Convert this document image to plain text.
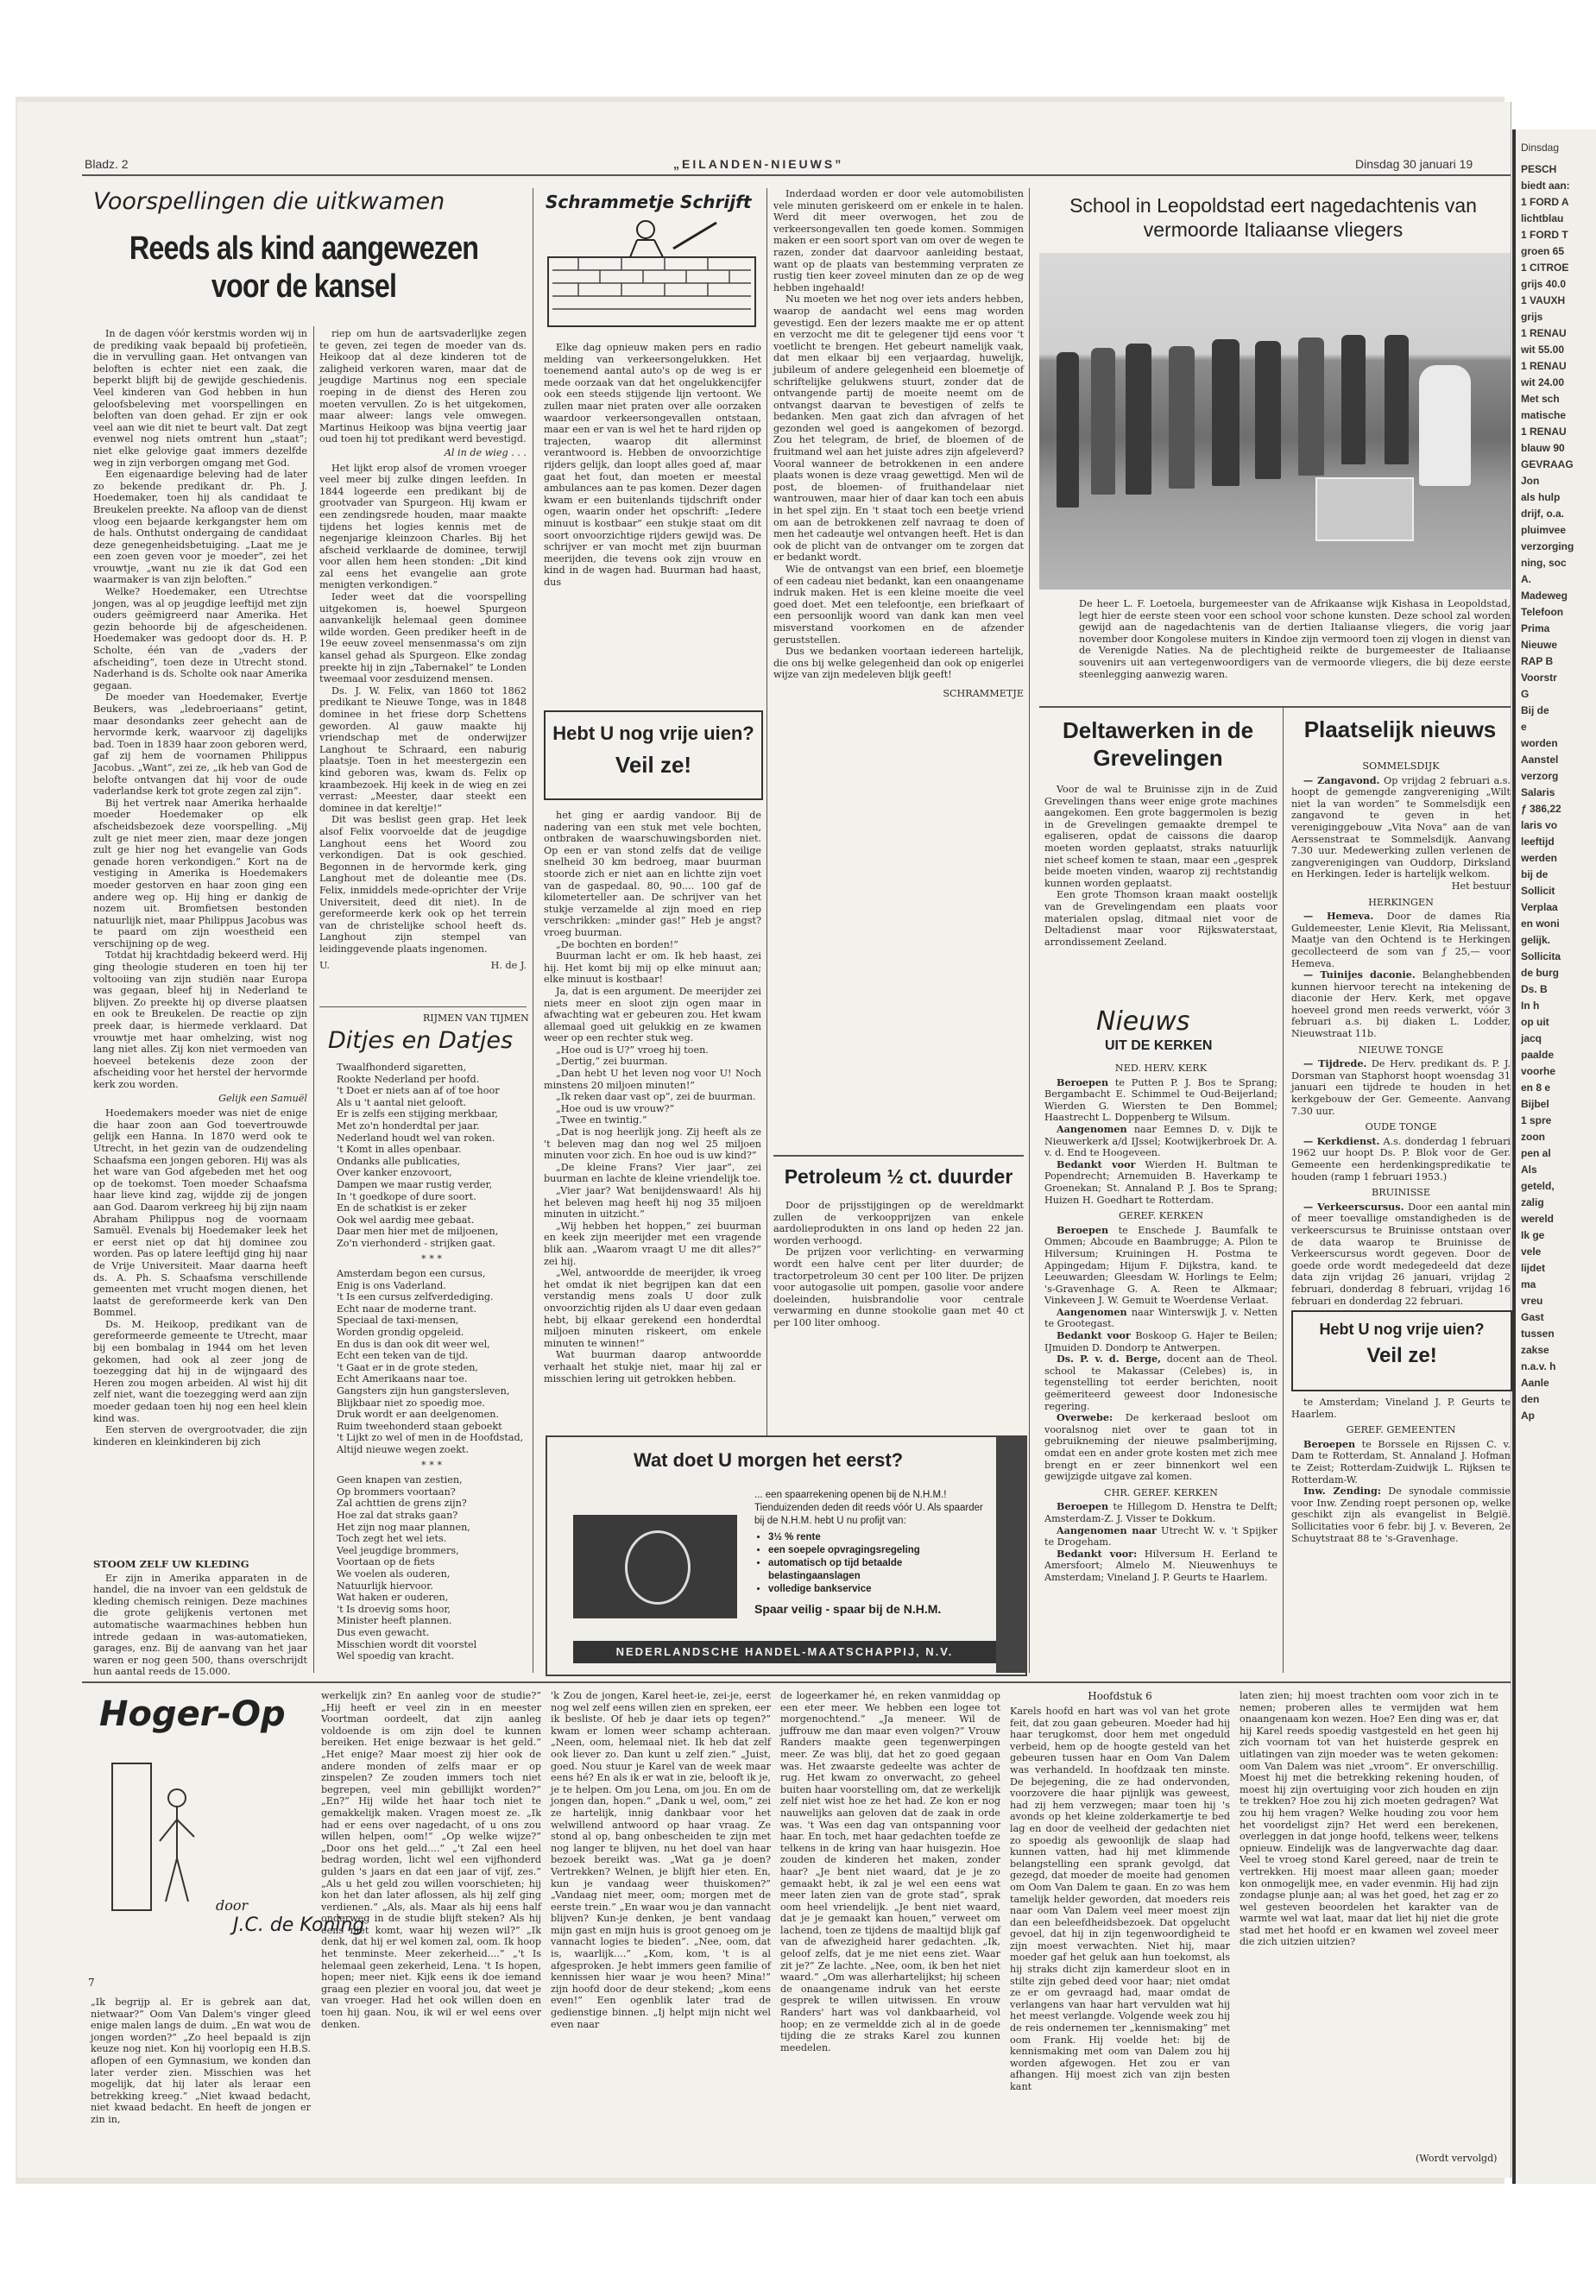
Bladz. 2	„EILANDEN-NIEUWS”	Dinsdag 30 januari 19
Voorspellingen die uitkwamen
Reeds als kind aangewezen
voor de kansel

In de dagen vóór kerstmis worden wij in de prediking vaak bepaald bij profetieën, die in vervulling gaan. Het ontvangen van beloften is echter niet een zaak, die beperkt blijft bij de gewijde geschiedenis. Veel kinderen van God hebben in hun geloofsbeleving met voorspellingen en beloften van doen gehad. Er zijn er ook veel aan wie dit niet te beurt valt. Dat zegt evenwel nog niets omtrent hun „staat”; niet elke gelovige gaat immers dezelfde weg in zijn verborgen omgang met God.

Een eigenaardige beleving had de later zo bekende predikant dr. Ph. J. Hoedemaker, toen hij als candidaat te Breukelen preekte. Na afloop van de dienst vloog een bejaarde kerkgangster hem om de hals. Onthutst ondergaing de candidaat deze genegenheidsbetuiging. „Laat me je een zoen geven voor je moeder”, zei het vrouwtje, „want nu zie ik dat God een waarmaker is van zijn beloften.”

Welke? Hoedemaker, een Utrechtse jongen, was al op jeugdige leeftijd met zijn ouders geëmigreerd naar Amerika. Het gezin behoorde bij de afgescheidenen. Hoedemaker was gedoopt door ds. H. P. Scholte, één van de „vaders der afscheiding”, toen deze in Utrecht stond. Naderhand is ds. Scholte ook naar Amerika gegaan.

De moeder van Hoedemaker, Evertje Beukers, was „ledebroeriaans” getint, maar desondanks zeer gehecht aan de hervormde kerk, waarvoor zij dagelijks bad. Toen in 1839 haar zoon geboren werd, gaf zij hem de voornamen Philippus Jacobus. „Want”, zei ze, „ik heb van God de belofte ontvangen dat hij voor de oude vaderlandse kerk tot grote zegen zal zijn”.

Bij het vertrek naar Amerika herhaalde moeder Hoedemaker op elk afscheidsbezoek deze voorspelling. „Mij zult ge niet meer zien, maar deze jongen zult ge hier nog het evangelie van Gods genade horen verkondigen.” Kort na de vestiging in Amerika is Hoedemakers moeder gestorven en haar zoon ging een andere weg op. Hij hing er dankig de nozem uit. Bromfietsen bestonden natuurlijk niet, maar Philippus Jacobus was te paard om zijn woestheid een verschijning op de weg.

Totdat hij krachtdadig bekeerd werd. Hij ging theologie studeren en toen hij ter voltooiing van zijn studiën naar Europa was gegaan, bleef hij in Nederland te blijven. Zo preekte hij op diverse plaatsen en ook te Breukelen. De reactie op zijn preek daar, is hiermede verklaard. Dat vrouwtje met haar omhelzing, wist nog lang niet alles. Zij kon niet vermoeden van hoeveel betekenis deze zoon der afscheiding voor het herstel der hervormde kerk zou worden.

Gelijk een Samuël

Hoedemakers moeder was niet de enige die haar zoon aan God toevertrouwde gelijk een Hanna. In 1870 werd ook te Utrecht, in het gezin van de oudzendeling Schaafsma een jongen geboren. Hij was als het ware van God afgebeden met het oog op de toekomst. Toen moeder Schaafsma haar lieve kind zag, wijdde zij de jongen aan God. Daarom verkreeg hij bij zijn naam Abraham Philippus nog de voornaam Samuël. Evenals bij Hoedemaker leek het er eerst niet op dat hij dominee zou worden. Pas op latere leeftijd ging hij naar de Vrije Universiteit. Maar daarna heeft ds. A. Ph. S. Schaafsma verschillende gemeenten met vrucht mogen dienen, het laatst de gereformeerde kerk van Den Bommel.

Ds. M. Heikoop, predikant van de gereformeerde gemeente te Utrecht, maar bij een bombalag in 1944 om het leven gekomen, had ook al zeer jong de toezegging dat hij in de wijngaard des Heren zou mogen arbeiden. Al wist hij dit zelf niet, want die toezegging werd aan zijn moeder gedaan toen hij nog een heel klein kind was.

Een sterven de overgrootvader, die zijn kinderen en kleinkinderen bij zich

riep om hun de aartsvaderlijke zegen te geven, zei tegen de moeder van ds. Heikoop dat al deze kinderen tot de zaligheid verkoren waren, maar dat de jeugdige Martinus nog een speciale roeping in de dienst des Heren zou moeten vervullen. Zo is het uitgekomen, maar alweer: langs vele omwegen. Martinus Heikoop was bijna veertig jaar oud toen hij tot predikant werd bevestigd.

Al in de wieg . . .

Het lijkt erop alsof de vromen vroeger veel meer bij zulke dingen leefden. In 1844 logeerde een predikant bij de grootvader van Spurgeon. Hij kwam er een zendingsrede houden, maar maakte tijdens het logies kennis met de negenjarige kleinzoon Charles. Bij het afscheid verklaarde de dominee, terwijl voor allen hem heen stonden: „Dit kind zal eens het evangelie aan grote menigten verkondigen.”

Ieder weet dat die voorspelling uitgekomen is, hoewel Spurgeon aanvankelijk helemaal geen dominee wilde worden. Geen prediker heeft in de 19e eeuw zoveel mensenmassa's om zijn kansel gehad als Spurgeon. Elke zondag preekte hij in zijn „Tabernakel” te Londen tweemaal voor zesduizend mensen.

Ds. J. W. Felix, van 1860 tot 1862 predikant te Nieuwe Tonge, was in 1848 dominee in het friese dorp Schettens geworden. Al gauw maakte hij vriendschap met de onderwijzer Langhout te Schraard, een naburig plaatsje. Toen in het meestergezin een kind geboren was, kwam ds. Felix op kraambezoek. Hij keek in de wieg en zei verrast: „Meester, daar steekt een dominee in dat kereltje!”

Dit was beslist geen grap. Het leek alsof Felix voorvoelde dat de jeugdige Langhout eens het Woord zou verkondigen. Dat is ook geschied. Begonnen in de hervormde kerk, ging Langhout met de doleantie mee (Ds. Felix, inmiddels mede-oprichter der Vrije Universiteit, deed dit niet). In de gereformeerde kerk ook op het terrein van de christelijke school heeft ds. Langhout zijn stempel van leidinggevende plaats ingenomen.

U.	H. de J.
STOOM ZELF UW KLEDING

Er zijn in Amerika apparaten in de handel, die na invoer van een geldstuk de kleding chemisch reinigen. Deze machines die grote gelijkenis vertonen met automatische waarmachines hebben hun intrede gedaan in was-automatieken, garages, enz. Bij de aanvang van het jaar waren er nog geen 500, thans overschrijdt hun aantal reeds de 15.000.

RIJMEN VAN TIJMEN
Ditjes en Datjes
Twaalfhonderd sigaretten,
Rookte Nederland per hoofd.
't Doet er niets aan af of toe hoor
Als u 't aantal niet gelooft.
Er is zelfs een stijging merkbaar,
Met zo'n honderdtal per jaar.
Nederland houdt wel van roken.
't Komt in alles openbaar.
Ondanks alle publicaties,
Over kanker enzovoort,
Dampen we maar rustig verder,
In 't goedkope of dure soort.
En de schatkist is er zeker
Ook wel aardig mee gebaat.
Daar men hier met de miljoenen,
Zo'n vierhonderd - strijken gaat.
* * *
Amsterdam begon een cursus,
Enig is ons Vaderland.
't Is een cursus zelfverdediging.
Echt naar de moderne trant.
Speciaal de taxi-mensen,
Worden grondig opgeleid.
En dus is dan ook dit weer wel,
Echt een teken van de tijd.
't Gaat er in de grote steden,
Echt Amerikaans naar toe.
Gangsters zijn hun gangstersleven,
Blijkbaar niet zo spoedig moe.
Druk wordt er aan deelgenomen.
Ruim tweehonderd staan geboekt
't Lijkt zo wel of men in de Hoofdstad,
Altijd nieuwe wegen zoekt.
* * *
Geen knapen van zestien,
Op brommers voortaan?
Zal achttien de grens zijn?
Hoe zal dat straks gaan?
Het zijn nog maar plannen,
Toch zegt het wel iets.
Veel jeugdige brommers,
Voortaan op de fiets
We voelen als ouderen,
Natuurlijk hiervoor.
Wat haken er ouderen,
't Is droevig soms hoor,
Minister heeft plannen.
Dus even gewacht.
Misschien wordt dit voorstel
Wel spoedig van kracht.
Schrammetje Schrijft

Elke dag opnieuw maken pers en radio melding van verkeersongelukken. Het toenemend aantal auto's op de weg is er mede oorzaak van dat het ongelukkencijfer ook een steeds stijgende lijn vertoont. We zullen maar niet praten over alle oorzaken waardoor verkeersongevallen ontstaan, maar een er van is wel het te hard rijden op trajecten, waarop dit allerminst verantwoord is. Hebben de onvoorzichtige rijders gelijk, dan loopt alles goed af, maar gaat het fout, dan moeten er meestal ambulances aan te pas komen. Dezer dagen kwam er een buitenlands tijdschrift onder ogen, waarin onder het opschrift: „Iedere minuut is kostbaar” een stukje staat om dit soort onvoorzichtige rijders gewijd was. De schrijver er van mocht met zijn buurman meerijden, die tevens ook zijn vrouw en kind in de wagen had. Buurman had haast, dus

Hebt U nog vrije uien?
Veil ze!

het ging er aardig vandoor. Bij de nadering van een stuk met vele bochten, ontbraken de waarschuwingsborden niet. Op een er van stond zelfs dat de veilige snelheid 30 km bedroeg, maar buurman stoorde zich er niet aan en lichtte zijn voet van de gaspedaal. 80, 90.... 100 gaf de kilometerteller aan. De schrijver van het stukje verzamelde al zijn moed en riep verschrikken: „minder gas!” Heb je angst? vroeg buurman.

„De bochten en borden!”

Buurman lacht er om. Ik heb haast, zei hij. Het komt bij mij op elke minuut aan; elke minuut is kostbaar!

Ja, dat is een argument. De meerijder zei niets meer en sloot zijn ogen maar in afwachting wat er gebeuren zou. Het kwam allemaal goed uit gelukkig en ze kwamen weer op een rechter stuk weg.

„Hoe oud is U?” vroeg hij toen.

„Dertig,” zei buurman.

„Dan hebt U het leven nog voor U! Noch minstens 20 miljoen minuten!”

„Ik reken daar vast op”, zei de buurman.

„Hoe oud is uw vrouw?”

„Twee en twintig.”

„Dat is nog heerlijk jong. Zij heeft als ze 't beleven mag dan nog wel 25 miljoen minuten voor zich. En hoe oud is uw kind?”

„De kleine Frans? Vier jaar”, zei buurman en lachte de kleine vriendelijk toe.

„Vier jaar? Wat benijdenswaard! Als hij het beleven mag heeft hij nog 35 miljoen minuten in uitzicht.”

„Wij hebben het hoppen,” zei buurman en keek zijn meerijder met een vragende blik aan. „Waarom vraagt U me dit alles?” zei hij.

„Wel, antwoordde de meerijder, ik vroeg het omdat ik niet begrijpen kan dat een verstandig mens zoals U door zulk onvoorzichtig rijden als U daar even gedaan hebt, bij elkaar gerekend een honderdtal miljoen minuten riskeert, om enkele minuten te winnen!”

Wat buurman daarop antwoordde verhaalt het stukje niet, maar hij zal er misschien lering uit getrokken hebben.

Inderdaad worden er door vele automobilisten vele minuten geriskeerd om er enkele in te halen. Werd dit meer overwogen, het zou de verkeersongevallen ten goede komen. Sommigen maken er een soort sport van om over de wegen te razen, zonder dat daarvoor aanleiding bestaat, want op de plaats van bestemming verpraten ze rustig tien keer zoveel minuten dan ze op de weg hebben ingehaald!

Nu moeten we het nog over iets anders hebben, waarop de aandacht wel eens mag worden gevestigd. Een der lezers maakte me er op attent en verzocht me dit te gelegener tijd eens voor 't voetlicht te brengen. Het gebeurt namelijk vaak, dat men elkaar bij een verjaardag, huwelijk, jubileum of andere gelegenheid een bloemetje of schriftelijke gelukwens stuurt, zonder dat de ontvangende partij de moeite neemt om de ontvangst daarvan te bevestigen of zelfs te bedanken. Men gaat zich dan afvragen of het gezonden wel goed is aangekomen of bezorgd. Zou het telegram, de brief, de bloemen of de fruitmand wel aan het juiste adres zijn afgeleverd? Vooral wanneer de betrokkenen in een andere plaats wonen is deze vraag gewettigd. Men wil de post, de bloemen- of fruithandelaar niet wantrouwen, maar hier of daar kan toch een abuis in het spel zijn. En 't staat toch een beetje vriend om aan de betrokkenen zelf navraag te doen of men het cadeautje wel ontvangen heeft. Het is dan ook de plicht van de ontvanger om te zorgen dat er bedankt wordt.

Wie de ontvangst van een brief, een bloemetje of een cadeau niet bedankt, kan een onaangename indruk maken. Het is een kleine moeite die veel goed doet. Met een telefoontje, een briefkaart of een persoonlijk woord van dank kan men veel misverstand voorkomen en de afzender geruststellen.

Dus we bedanken voortaan iedereen hartelijk, die ons bij welke gelegenheid dan ook op enigerlei wijze van zijn medeleven blijk geeft!

SCHRAMMETJE
Petroleum ½ ct. duurder

Door de prijsstijgingen op de wereldmarkt zullen de verkoopprijzen van enkele aardolieprodukten in ons land op heden 22 jan. worden verhoogd.

De prijzen voor verlichting- en verwarming wordt een halve cent per liter duurder; de tractorpetroleum 30 cent per 100 liter. De prijzen voor autogasolie uit pompen, gasolie voor andere doeleinden, huisbrandolie voor centrale verwarming en dunne stookolie gaan met 40 ct per 100 liter omhoog.

Wat doet U morgen het eerst?
... een spaarrekening openen bij de N.H.M.! Tienduizenden deden dit reeds vóór U. Als spaarder bij de N.H.M. hebt U nu profijt van:
• 3½ % rente
• een soepele opvragingsregeling
• automatisch op tijd betaalde belastingaanslagen
• volledige bankservice
Spaar veilig - spaar bij de N.H.M.
NEDERLANDSCHE HANDEL-MAATSCHAPPIJ, N.V.
School in Leopoldstad eert nagedachtenis van
vermoorde Italiaanse vliegers
De heer L. F. Loetoela, burgemeester van de Afrikaanse wijk Kishasa in Leopoldstad, legt hier de eerste steen voor een school voor schone kunsten. Deze school zal worden gewijd aan de nagedachtenis van de dertien Italiaanse vliegers, die vorig jaar november door Kongolese muiters in Kindoe zijn vermoord toen zij vlogen in dienst van de Verenigde Naties. Na de plechtigheid reikte de burgemeester de Italiaanse souvenirs uit aan vertegenwoordigers van de vermoorde vliegers, die bij deze eerste steenlegging aanwezig waren.
Deltawerken in de
Grevelingen

Voor de wal te Bruinisse zijn in de Zuid Grevelingen thans weer enige grote machines aangekomen. Een grote baggermolen is bezig in de Grevelingen gemaakte drempel te egaliseren, opdat de caissons die daarop moeten worden geplaatst, straks natuurlijk niet scheef komen te staan, maar een „gesprek beide moeten vinden, waarop zij rechtstandig kunnen worden geplaatst.

Een grote Thomson kraan maakt oostelijk van de Grevelingendam een plaats voor materialen opslag, ditmaal niet voor de Deltadienst maar voor Rijkswaterstaat, arrondissement Zeeland.

Nieuws
UIT DE KERKEN
NED. HERV. KERK

Beroepen te Putten P. J. Bos te Sprang; Bergambacht E. Schimmel te Oud-Beijerland; Wierden G. Wiersten te Den Bommel; Haastrecht L. Doppenberg te Wilsum.

Aangenomen naar Eemnes D. v. Dijk te Nieuwerkerk a/d IJssel; Kootwijkerbroek Dr. A. v. d. End te Hoogeveen.

Bedankt voor Wierden H. Bultman te Popendrecht; Arnemuiden B. Haverkamp te Groenekan; St. Annaland P. J. Bos te Sprang; Huizen H. Goedhart te Rotterdam.

GEREF. KERKEN

Beroepen te Enschede J. Baumfalk te Ommen; Abcoude en Baambrugge; A. Pilon te Hilversum; Kruiningen H. Postma te Appingedam; Hijum F. Dijkstra, kand. te Leeuwarden; Gleesdam W. Horlings te Eelm; 's-Gravenhage G. A. Reen te Alkmaar; Vinkeveen J. W. Gemuit te Woerdense Verlaat.

Aangenomen naar Winterswijk J. v. Netten te Grootegast.

Bedankt voor Boskoop G. Hajer te Beilen; IJmuiden D. Dondorp te Antwerpen.

Ds. P. v. d. Berge, docent aan de Theol. school te Makassar (Celebes) is, in tegenstelling tot eerder berichten, nooit geëmeriteerd geweest door Indonesische regering.

Overwebe: De kerkeraad besloot om vooralsnog niet over te gaan tot in gebruikneming der nieuwe psalmberijming, omdat een en ander grote kosten met zich mee brengt en er zeer binnenkort wel een gewijzigde uitgave zal komen.

CHR. GEREF. KERKEN

Beroepen te Hillegom D. Henstra te Delft; Amsterdam-Z. J. Visser te Dokkum.

Aangenomen naar Utrecht W. v. 't Spijker te Drogeham.

Bedankt voor: Hilversum H. Eerland te Amersfoort; Almelo M. Nieuwenhuys te Amsterdam; Vineland J. P. Geurts te Haarlem.

Plaatselijk nieuws
SOMMELSDIJK

— Zangavond. Op vrijdag 2 februari a.s. hoopt de gemengde zangvereniging „Wilt niet la van worden” te Sommelsdijk een zangavond te geven in het vereniginggebouw „Vita Nova” aan de van Aerssenstraat te Sommelsdijk. Aanvang 7.30 uur. Medewerking zullen verlenen de zangverenigingen van Ouddorp, Dirksland en Herkingen. Ieder is hartelijk welkom.

Het bestuur
HERKINGEN

— Hemeva. Door de dames Ria Guldemeester, Lenie Klevit, Ria Melissant, Maatje van den Ochtend is te Herkingen gecollecteerd de som van ƒ 25,— voor Hemeva.

— Tuinijes daconie. Belanghebbenden kunnen hiervoor terecht na intekening de diaconie der Herv. Kerk, met opgave hoeveel grond men reeds verwerkt, vóór 3 februari a.s. bij diaken L. Lodder, Nieuwstraat 11b.

NIEUWE TONGE

— Tijdrede. De Herv. predikant ds. P. J. Dorsman van Staphorst hoopt woensdag 31 januari een tijdrede te houden in het kerkgebouw der Ger. Gemeente. Aanvang 7.30 uur.

OUDE TONGE

— Kerkdienst. A.s. donderdag 1 februari 1962 uur hoopt Ds. P. Blok voor de Ger. Gemeente een herdenkingspredikatie te houden (ramp 1 februari 1953.)

BRUINISSE

— Verkeerscursus. Door een aantal min of meer toevallige omstandigheden is de verkeerscursus te Bruinisse ontstaan over de data waarop te Bruinisse de Verkeerscursus wordt gegeven. Door de goede orde wordt medegedeeld dat deze data zijn vrijdag 26 januari, vrijdag 2 februari, donderdag 8 februari, vrijdag 16 februari en donderdag 22 februari.

Hebt U nog vrije uien?
Veil ze!

te Amsterdam; Vineland J. P. Geurts te Haarlem.

GEREF. GEMEENTEN

Beroepen te Borssele en Rijssen C. v. Dam te Rotterdam, St. Annaland J. Hofman te Zeist; Rotterdam-Zuidwijk L. Rijksen te Rotterdam-W.

Inw. Zending: De synodale commissie voor Inw. Zending roept personen op, welke geschikt zijn als evangelist in België. Sollicitaties voor 6 febr. bij J. v. Beveren, 2e Schuytstraat 88 te 's-Gravenhage.

Hoger-Op
door
J.C. de Koning
7
„Ik begrijp al. Er is gebrek aan dat, nietwaar?” Oom Van Dalem's vinger gleed enige malen langs de duim. „En wat wou de jongen worden?” „Zo heel bepaald is zijn keuze nog niet. Kon hij voorlopig een H.B.S. aflopen of een Gymnasium, we konden dan later verder zien. Misschien was het mogelijk, dat hij later als leraar een betrekking kreeg.” „Niet kwaad bedacht, niet kwaad bedacht. En heeft de jongen er zin in,
werkelijk zin? En aanleg voor de studie?” „Hij heeft er veel zin in en meester Voortman oordeelt, dat zijn aanleg voldoende is om zijn doel te kunnen bereiken. Het enige bezwaar is het geld.” „Het enige? Maar moest zij hier ook de andere monden of zelfs maar er op zinspelen? Ze zouden immers toch niet begrepen, veel min gebillijkt worden?” „En?” Hij wilde het haar toch niet te gemakkelijk maken. Vragen moest ze. „Ik had er eens over nagedacht, of u ons zou willen helpen, oom!” „Op welke wijze?” „Door ons het geld....” „'t Zal een heel bedrag worden, licht wel een vijfhonderd gulden 's jaars en dat een jaar of vijf, zes.” „Als u het geld zou willen voorschieten; hij kon het dan later aflossen, als hij zelf ging verdienen.” „Als, als. Maar als hij eens half onderweg in de studie blijft steken? Als hij eens niet komt, waar hij wezen wil?” „Ik denk, dat hij er wel komen zal, oom. Ik hoop het tenminste. Meer zekerheid....” „'t Is helemaal geen zekerheid, Lena. 't Is hopen, hopen; meer niet. Kijk eens ik doe iemand graag een plezier en vooral jou, dat weet je van vroeger. Had het ook willen doen en toen hij gaan. Nou, ik wil er wel eens over denken.
'k Zou de jongen, Karel heet-ie, zei-je, eerst nog wel zelf eens willen zien en spreken, eer ik besliste. Of heb je daar iets op tegen?” kwam er lomen weer schamp achteraan. „Neen, oom, helemaal niet. Ik heb dat zelf ook liever zo. Dan kunt u zelf zien.” „Juist, goed. Nou stuur je Karel van de week maar eens hé? En als ik er wat in zie, belooft ik je, je te helpen. Om jou Lena, om jou. En om de jongen dan, hopen.” „Dank u wel, oom,” zei ze hartelijk, innig dankbaar voor het welwillend antwoord op haar vraag. Ze stond al op, bang onbescheiden te zijn met nog langer te blijven, nu het doel van haar bezoek bereikt was. „Wat ga je doen? Vertrekken? Welnen, je blijft hier eten. En, kun je vandaag weer thuiskomen?” „Vandaag niet meer, oom; morgen met de eerste trein.” „En waar wou je dan vannacht blijven? Kun-je denken, je bent vandaag mijn gast en mijn huis is groot genoeg om je vannacht logies te bieden”. „Nee, oom, dat is, waarlijk....” „Kom, kom, 't is al afgesproken. Je hebt immers geen familie of kennissen hier waar je wou heen? Mina!” zijn hoofd door de deur stekend; „kom eens even!” Een ogenblik later trad de gedienstige binnen. „Ij helpt mijn nicht wel even naar
de logeerkamer hé, en reken vanmiddag op een eter meer. We hebben een logee tot morgenochtend.” „Ja meneer. Wil de juffrouw me dan maar even volgen?” Vrouw Randers maakte geen tegenwerpingen meer. Ze was blij, dat het zo goed gegaan was. Het zwaarste gedeelte was achter de rug. Het kwam zo onverwacht, zo geheel buiten haar voorstelling om, dat ze werkelijk zelf niet wist hoe ze het had. Ze kon er nog nauwelijks aan geloven dat de zaak in orde was. 't Was een dag van ontspanning voor haar. En toch, met haar gedachten toefde ze telkens in de kring van haar huisgezin. Hoe zouden de kinderen het maken, zonder haar? „Je bent niet waard, dat je je zo gemaakt hebt, ik zal je wel een eens wat meer laten zien van de grote stad”, sprak oom heel vriendelijk. „Je bent niet waard, dat je je gemaakt kan houen,” verweet om lachend, toen ze tijdens de maaltijd blijk gaf van de afwezigheid harer gedachten. „Ik, geloof zelfs, dat je me niet eens ziet. Waar zit je?” Ze lachte. „Nee, oom, ik ben het niet waard.” „Om was allerhartelijkst; hij scheen de onaangename indruk van het eerste gesprek te willen uitwissen. En vrouw Randers' hart was vol dankbaarheid, vol hoop; en ze vermeldde zich al in de goede tijding die ze straks Karel zou kunnen meedelen.
Hoofdstuk 6
Karels hoofd en hart was vol van het grote feit, dat zou gaan gebeuren. Moeder had hij haar terugkomst, door hem met ongeduld verbeid, hem op de hoogte gesteld van het gebeuren tussen haar en Oom Van Dalem was verhandeld. In hoofdzaak ten minste. De bejegening, die ze had ondervonden, voorzovere die haar pijnlijk was geweest, had zij hem verzwegen; maar toen hij 's avonds op het kleine zolderkamertje te bed lag en door de veelheid der gedachten niet zo spoedig als gewoonlijk de slaap had kunnen vatten, had hij met klimmende belangstelling een sprank gevolgd, dat gezegd, dat moeder de moeite had genomen om Oom Van Dalem te gaan. En zo was hem tamelijk helder geworden, dat moeders reis naar oom Van Dalem veel meer moest zijn dan een beleefdheidsbezoek. Dat opgelucht gevoel, dat hij in zijn tegenwoordigheid te zijn moest verwachten. Niet hij, maar moeder gaf het geluk aan hun toekomst, als hij straks dicht zijn kamerdeur sloot en in stilte zijn gebed deed voor haar; niet omdat ze er om gevraagd had, maar omdat de verlangens van haar hart vervulden wat hij het meest verlangde. Volgende week zou hij de reis ondernemen ter „kennismaking” met oom Frank. Hij voelde het: bij de kennismaking met oom van Dalem zou hij worden afgewogen. Het zou er van afhangen. Hij moest zich van zijn besten kant
laten zien; hij moest trachten oom voor zich in te nemen; proberen alles te vermijden wat hem onaangenaam kon wezen. Hoe? Een ding was er, dat hij Karel reeds spoedig vastgesteld en het geen hij zich voornam tot van het huisterde gesprek en uitlatingen van zijn moeder was te weten gekomen: oom Van Dalem was niet „vroom”. Er onverschillig. Moest hij met die betrekking rekening houden, of moest hij zijn overtuiging voor zich houden en zijn te trekken? Hoe zou hij zich moeten gedragen? Wat zou hij hem vragen? Welke houding zou voor hem het voordeligst zijn? Het werd een berekenen, overleggen in dat jonge hoofd, telkens weer, telkens opnieuw. Eindelijk was de langverwachte dag daar. Veel te vroeg stond Karel gereed, naar de trein te vertrekken. Hij moest maar alleen gaan; moeder kon onmogelijk mee, en vader evenmin. Hij had zijn zondagse plunje aan; al was het goed, het zag er zo wel gesteven beoordelen het karakter van de warmte wel wat laat, maar dat liet hij niet die grote stad met het hoofd er en kwamen wel zoveel meer die zich uitzien uitzien?
(Wordt vervolgd)
Dinsdag
PESCH
biedt aan:
1 FORD A
lichtblau
1 FORD T
groen 65
1 CITROE
grijs 40.0
1 VAUXH
grijs
1 RENAU
wit 55.00
1 RENAU
wit 24.00
Met sch
matische
1 RENAU
blauw 90
GEVRAAG
Jon
als hulp
drijf, o.a.
pluimvee
verzorging
ning, soc
A.
Madeweg
Telefoon
Prima
Nieuwe
RAP B
Voorstr
G
Bij de
e
worden
Aanstel
verzorg
Salaris
ƒ 386,22
laris vo
leeftijd
werden
bij de
Sollicit
Verplaa
en woni
gelijk.
Sollicita
de burg
Ds. B
In h
op uit
jacq
paalde
voorhe
en 8 e
Bijbel
1 spre
zoon
pen al
Als
geteld,
zalig
wereld
Ik ge
vele
lijdet
ma
vreu
Gast
tussen
zakse
n.a.v. h
Aanle
den
Ap
